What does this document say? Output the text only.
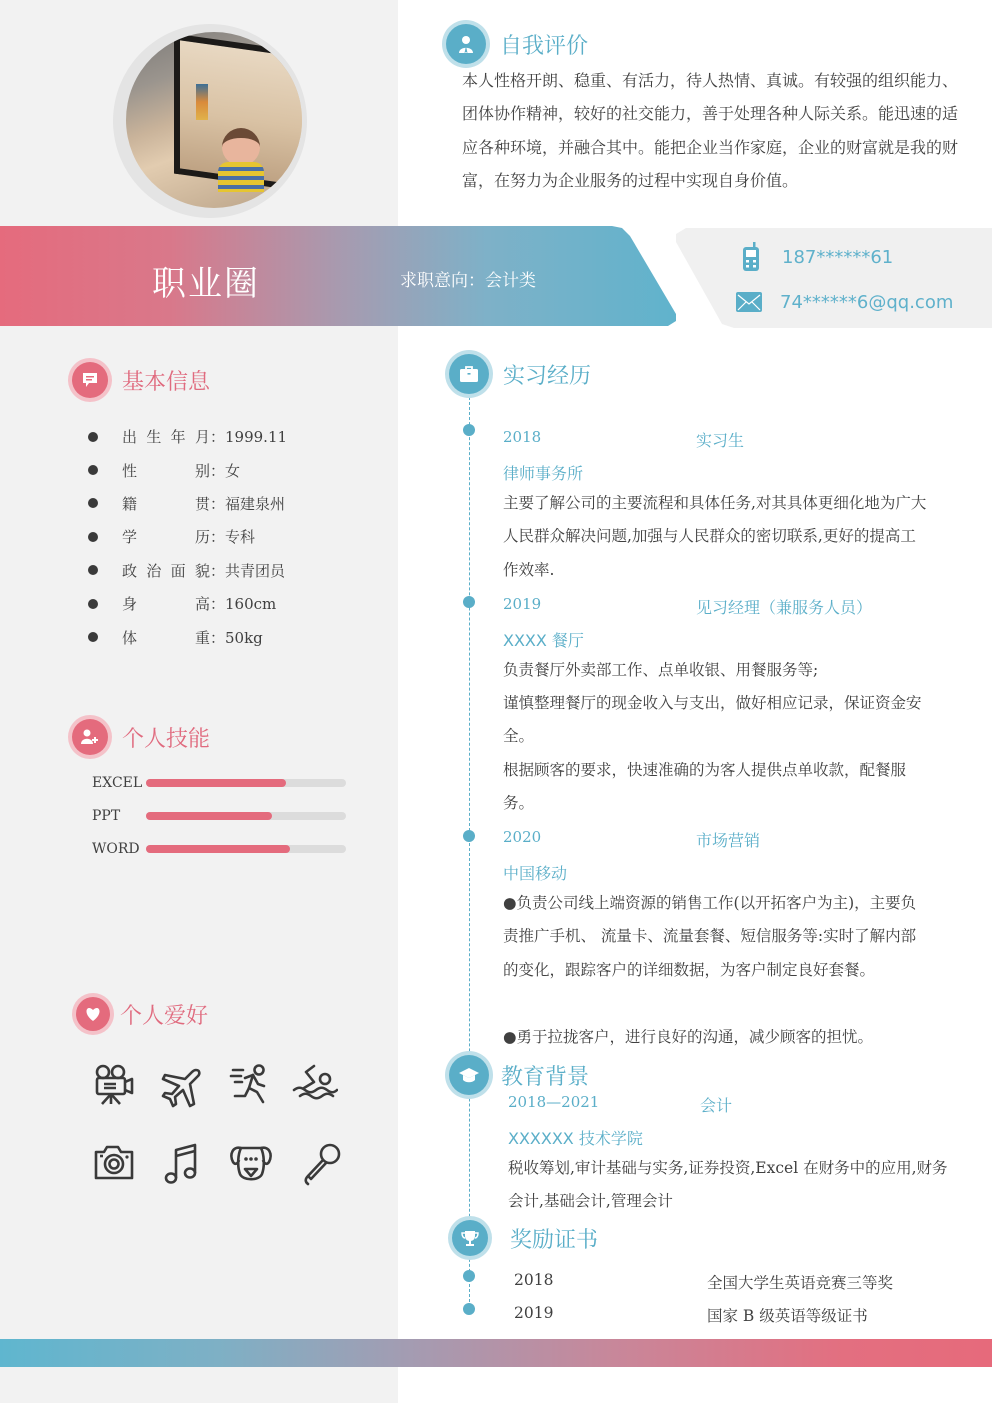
自我评价

本人性格开朗、稳重、有活力，待人热情、真诚。有较强的组织能力、团体协作精神，较好的社交能力，善于处理各种人际关系。能迅速的适应各种环境，并融合其中。能把企业当作家庭，企业的财富就是我的财富，在努力为企业服务的过程中实现自身价值。

职业圈	求职意向：会计类
187******61
74******6@qq.com
基本信息
出 生 年 月 ：1999.11
性	别 ：女
籍	贯 ：福建泉州
学	历 ：专科
政 治 面 貌 ：共青团员
身	高 ：160cm
体	重 ：50kg
个人技能
EXCEL
PPT
WORD
个人爱好
实习经历
2018	实习生
律师事务所

主要了解公司的主要流程和具体任务,对其具体更细化地为广大人民群众解决问题,加强与人民群众的密切联系,更好的提高工作效率.

2019	见习经理（兼服务人员）
XXXX 餐厅

负责餐厅外卖部工作、点单收银、用餐服务等;

谨慎整理餐厅的现金收入与支出，做好相应记录，保证资金安全。

根据顾客的要求，快速准确的为客人提供点单收款，配餐服务。

2020	市场营销
中国移动

●负责公司线上端资源的销售工作(以开拓客户为主)，主要负责推广手机、 流量卡、流量套餐、短信服务等:实时了解内部的变化，跟踪客户的详细数据，为客户制定良好套餐。

●勇于拉拢客户，进行良好的沟通，减少顾客的担忧。

教育背景
2018—2021	会计
XXXXXX 技术学院

税收筹划,审计基础与实务,证券投资,Excel 在财务中的应用,财务会计,基础会计,管理会计

奖励证书
2018	全国大学生英语竞赛三等奖
2019	国家 B 级英语等级证书
